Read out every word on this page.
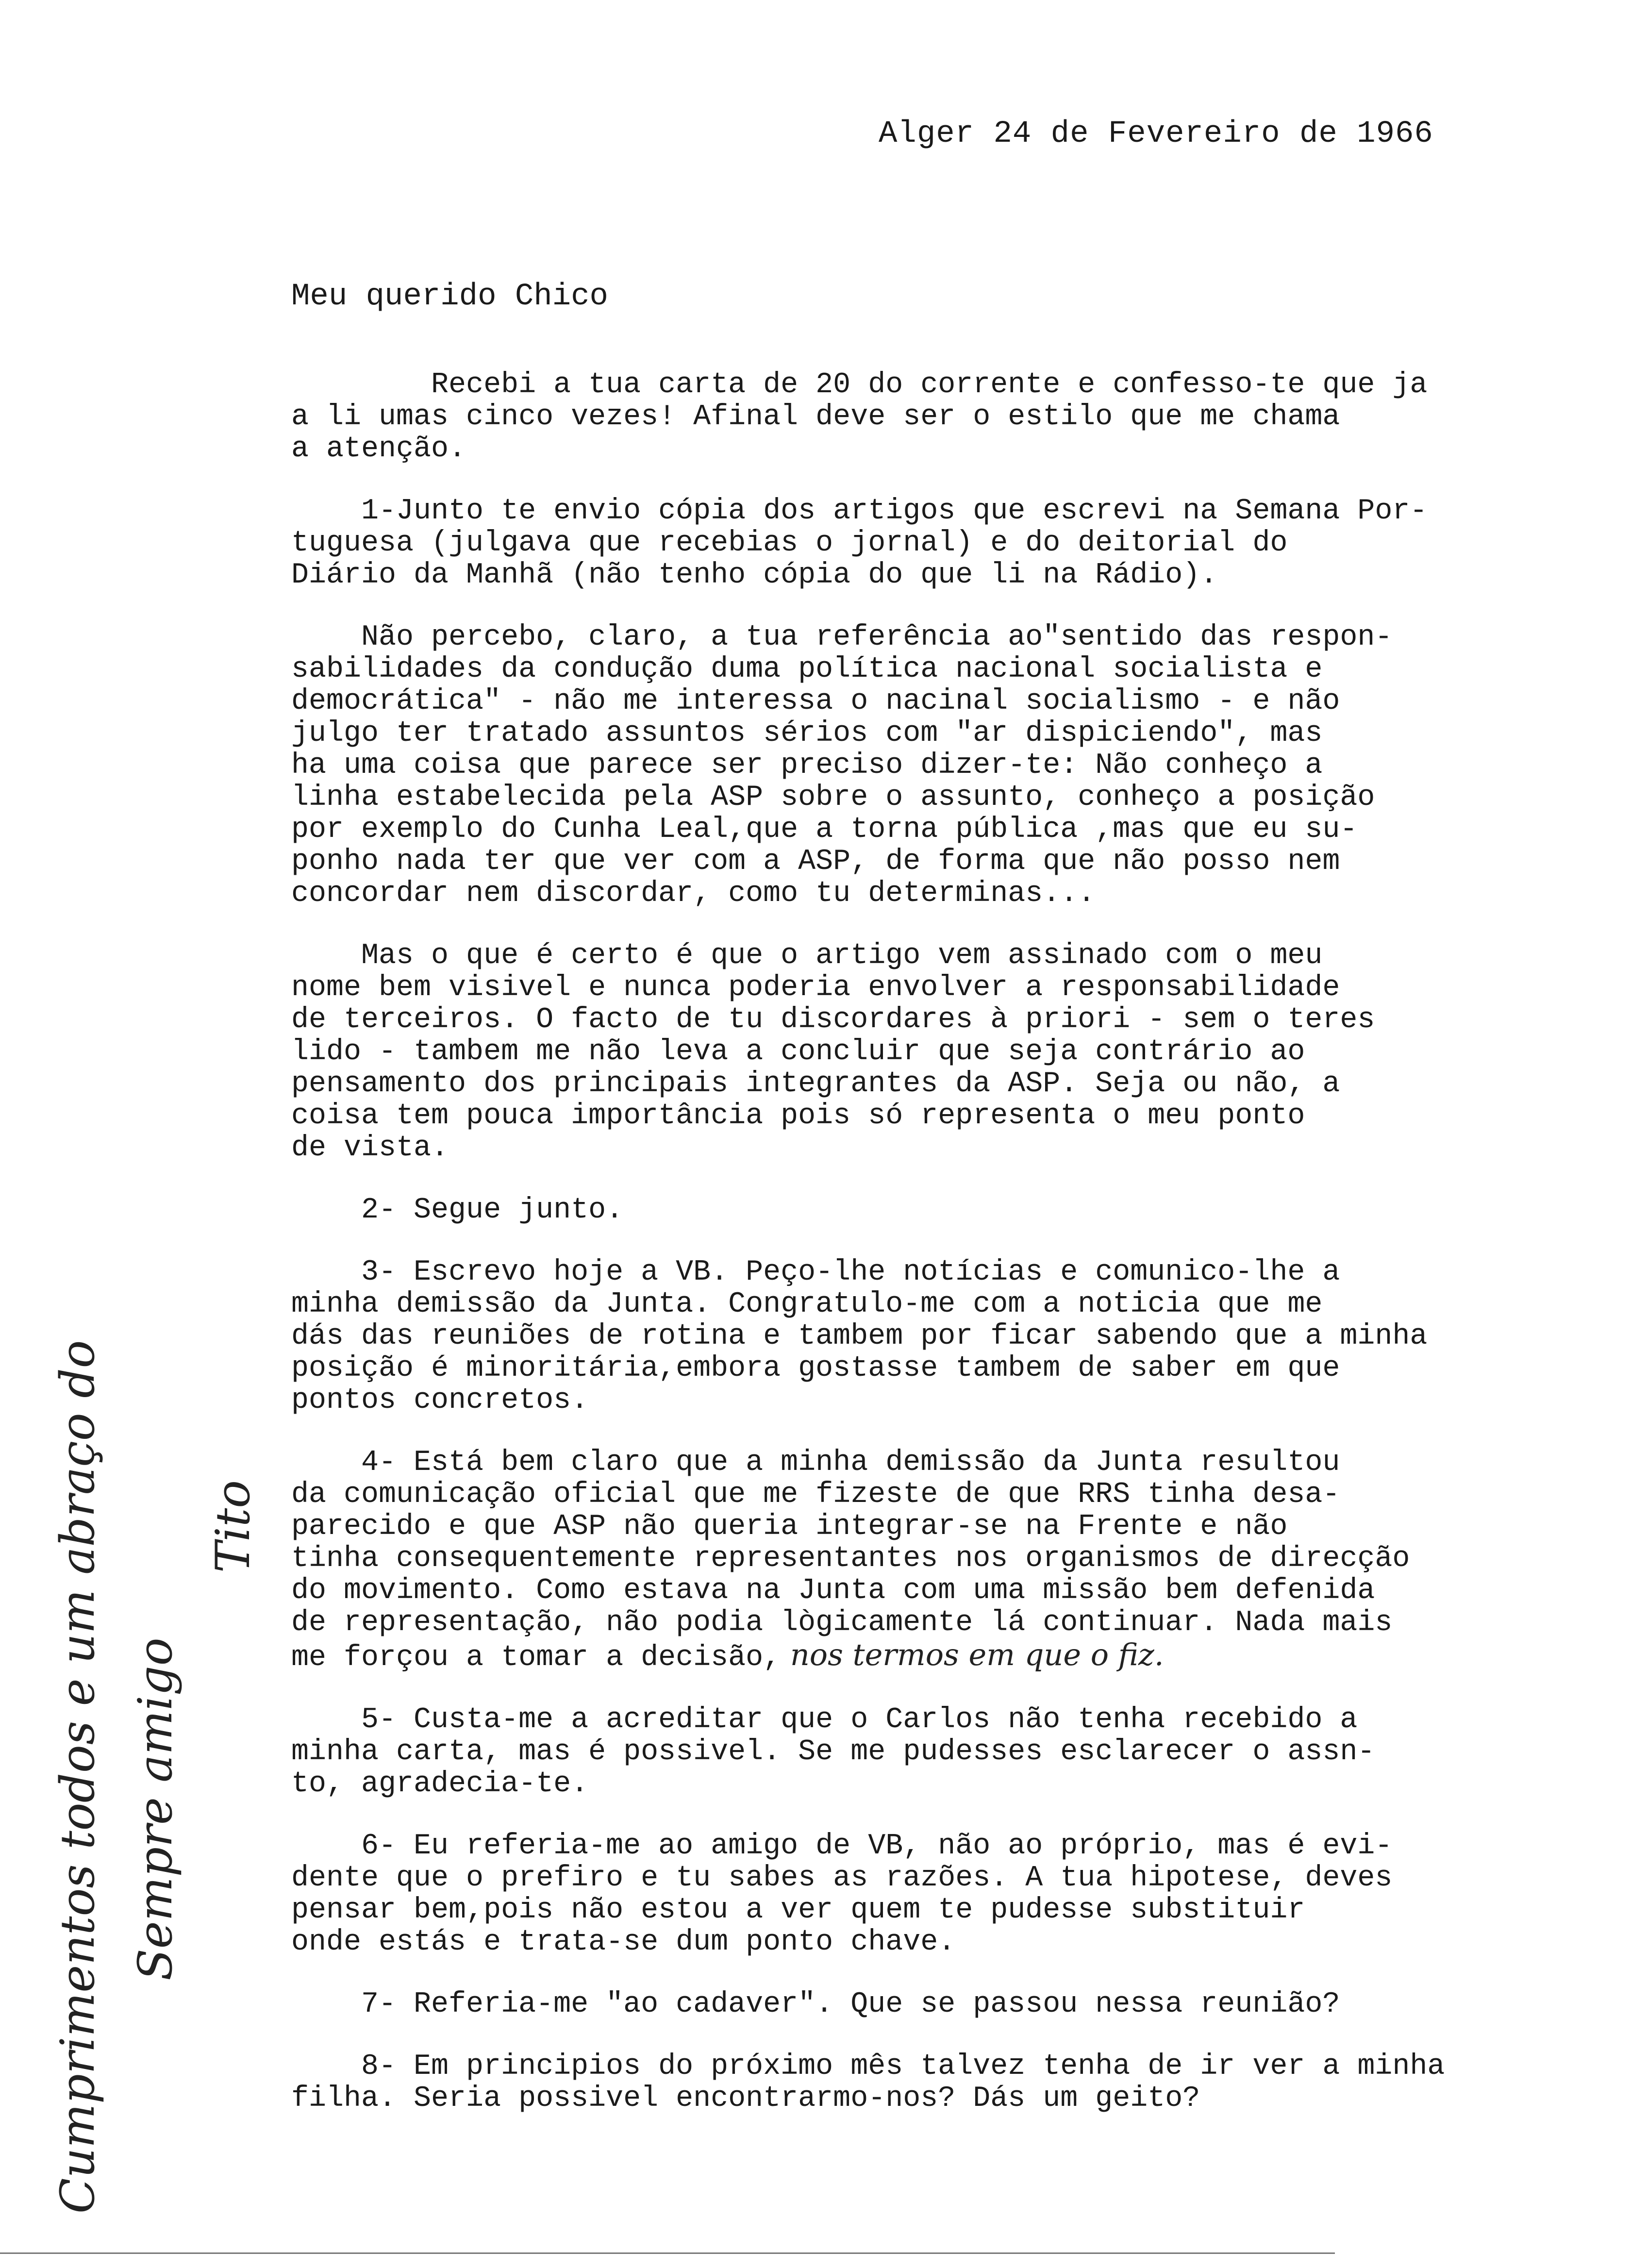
Alger 24 de Fevereiro de 1966
Meu querido Chico
Recebi a tua carta de 20 do corrente e confesso-te que ja
a li umas cinco vezes! Afinal deve ser o estilo que me chama
a atenção.
1-Junto te envio cópia dos artigos que escrevi na Semana Por-
tuguesa (julgava que recebias o jornal) e do deitorial do
Diário da Manhã (não tenho cópia do que li na Rádio).
Não percebo, claro, a tua referência ao"sentido das respon-
sabilidades da condução duma política nacional socialista e
democrática" - não me interessa o nacinal socialismo - e não
julgo ter tratado assuntos sérios com "ar dispiciendo", mas
ha uma coisa que parece ser preciso dizer-te: Não conheço a
linha estabelecida pela ASP sobre o assunto, conheço a posição
por exemplo do Cunha Leal,que a torna pública ,mas que eu su-
ponho nada ter que ver com a ASP, de forma que não posso nem
concordar nem discordar, como tu determinas...
Mas o que é certo é que o artigo vem assinado com o meu
nome bem visivel e nunca poderia envolver a responsabilidade
de terceiros. O facto de tu discordares à priori - sem o teres
lido - tambem me não leva a concluir que seja contrário ao
pensamento dos principais integrantes da ASP. Seja ou não, a
coisa tem pouca importância pois só representa o meu ponto
de vista.
2- Segue junto.
3- Escrevo hoje a VB. Peço-lhe notícias e comunico-lhe a
minha demissão da Junta. Congratulo-me com a noticia que me
dás das reuniões de rotina e tambem por ficar sabendo que a minha
posição é minoritária,embora gostasse tambem de saber em que
pontos concretos.
4- Está bem claro que a minha demissão da Junta resultou
da comunicação oficial que me fizeste de que RRS tinha desa-
parecido e que ASP não queria integrar-se na Frente e não
tinha consequentemente representantes nos organismos de direcção
do movimento. Como estava na Junta com uma missão bem defenida
de representação, não podia lògicamente lá continuar. Nada mais
me forçou a tomar a decisão, nos termos em que o fiz.
5- Custa-me a acreditar que o Carlos não tenha recebido a
minha carta, mas é possivel. Se me pudesses esclarecer o assn-
to, agradecia-te.
6- Eu referia-me ao amigo de VB, não ao próprio, mas é evi-
dente que o prefiro e tu sabes as razões. A tua hipotese, deves
pensar bem,pois não estou a ver quem te pudesse substituir
onde estás e trata-se dum ponto chave.
7- Referia-me "ao cadaver". Que se passou nessa reunião?
8- Em principios do próximo mês talvez tenha de ir ver a minha
filha. Seria possivel encontrarmo-nos? Dás um geito?
Cumprimentos todos e um abraço do Sempre amigo
Tito
